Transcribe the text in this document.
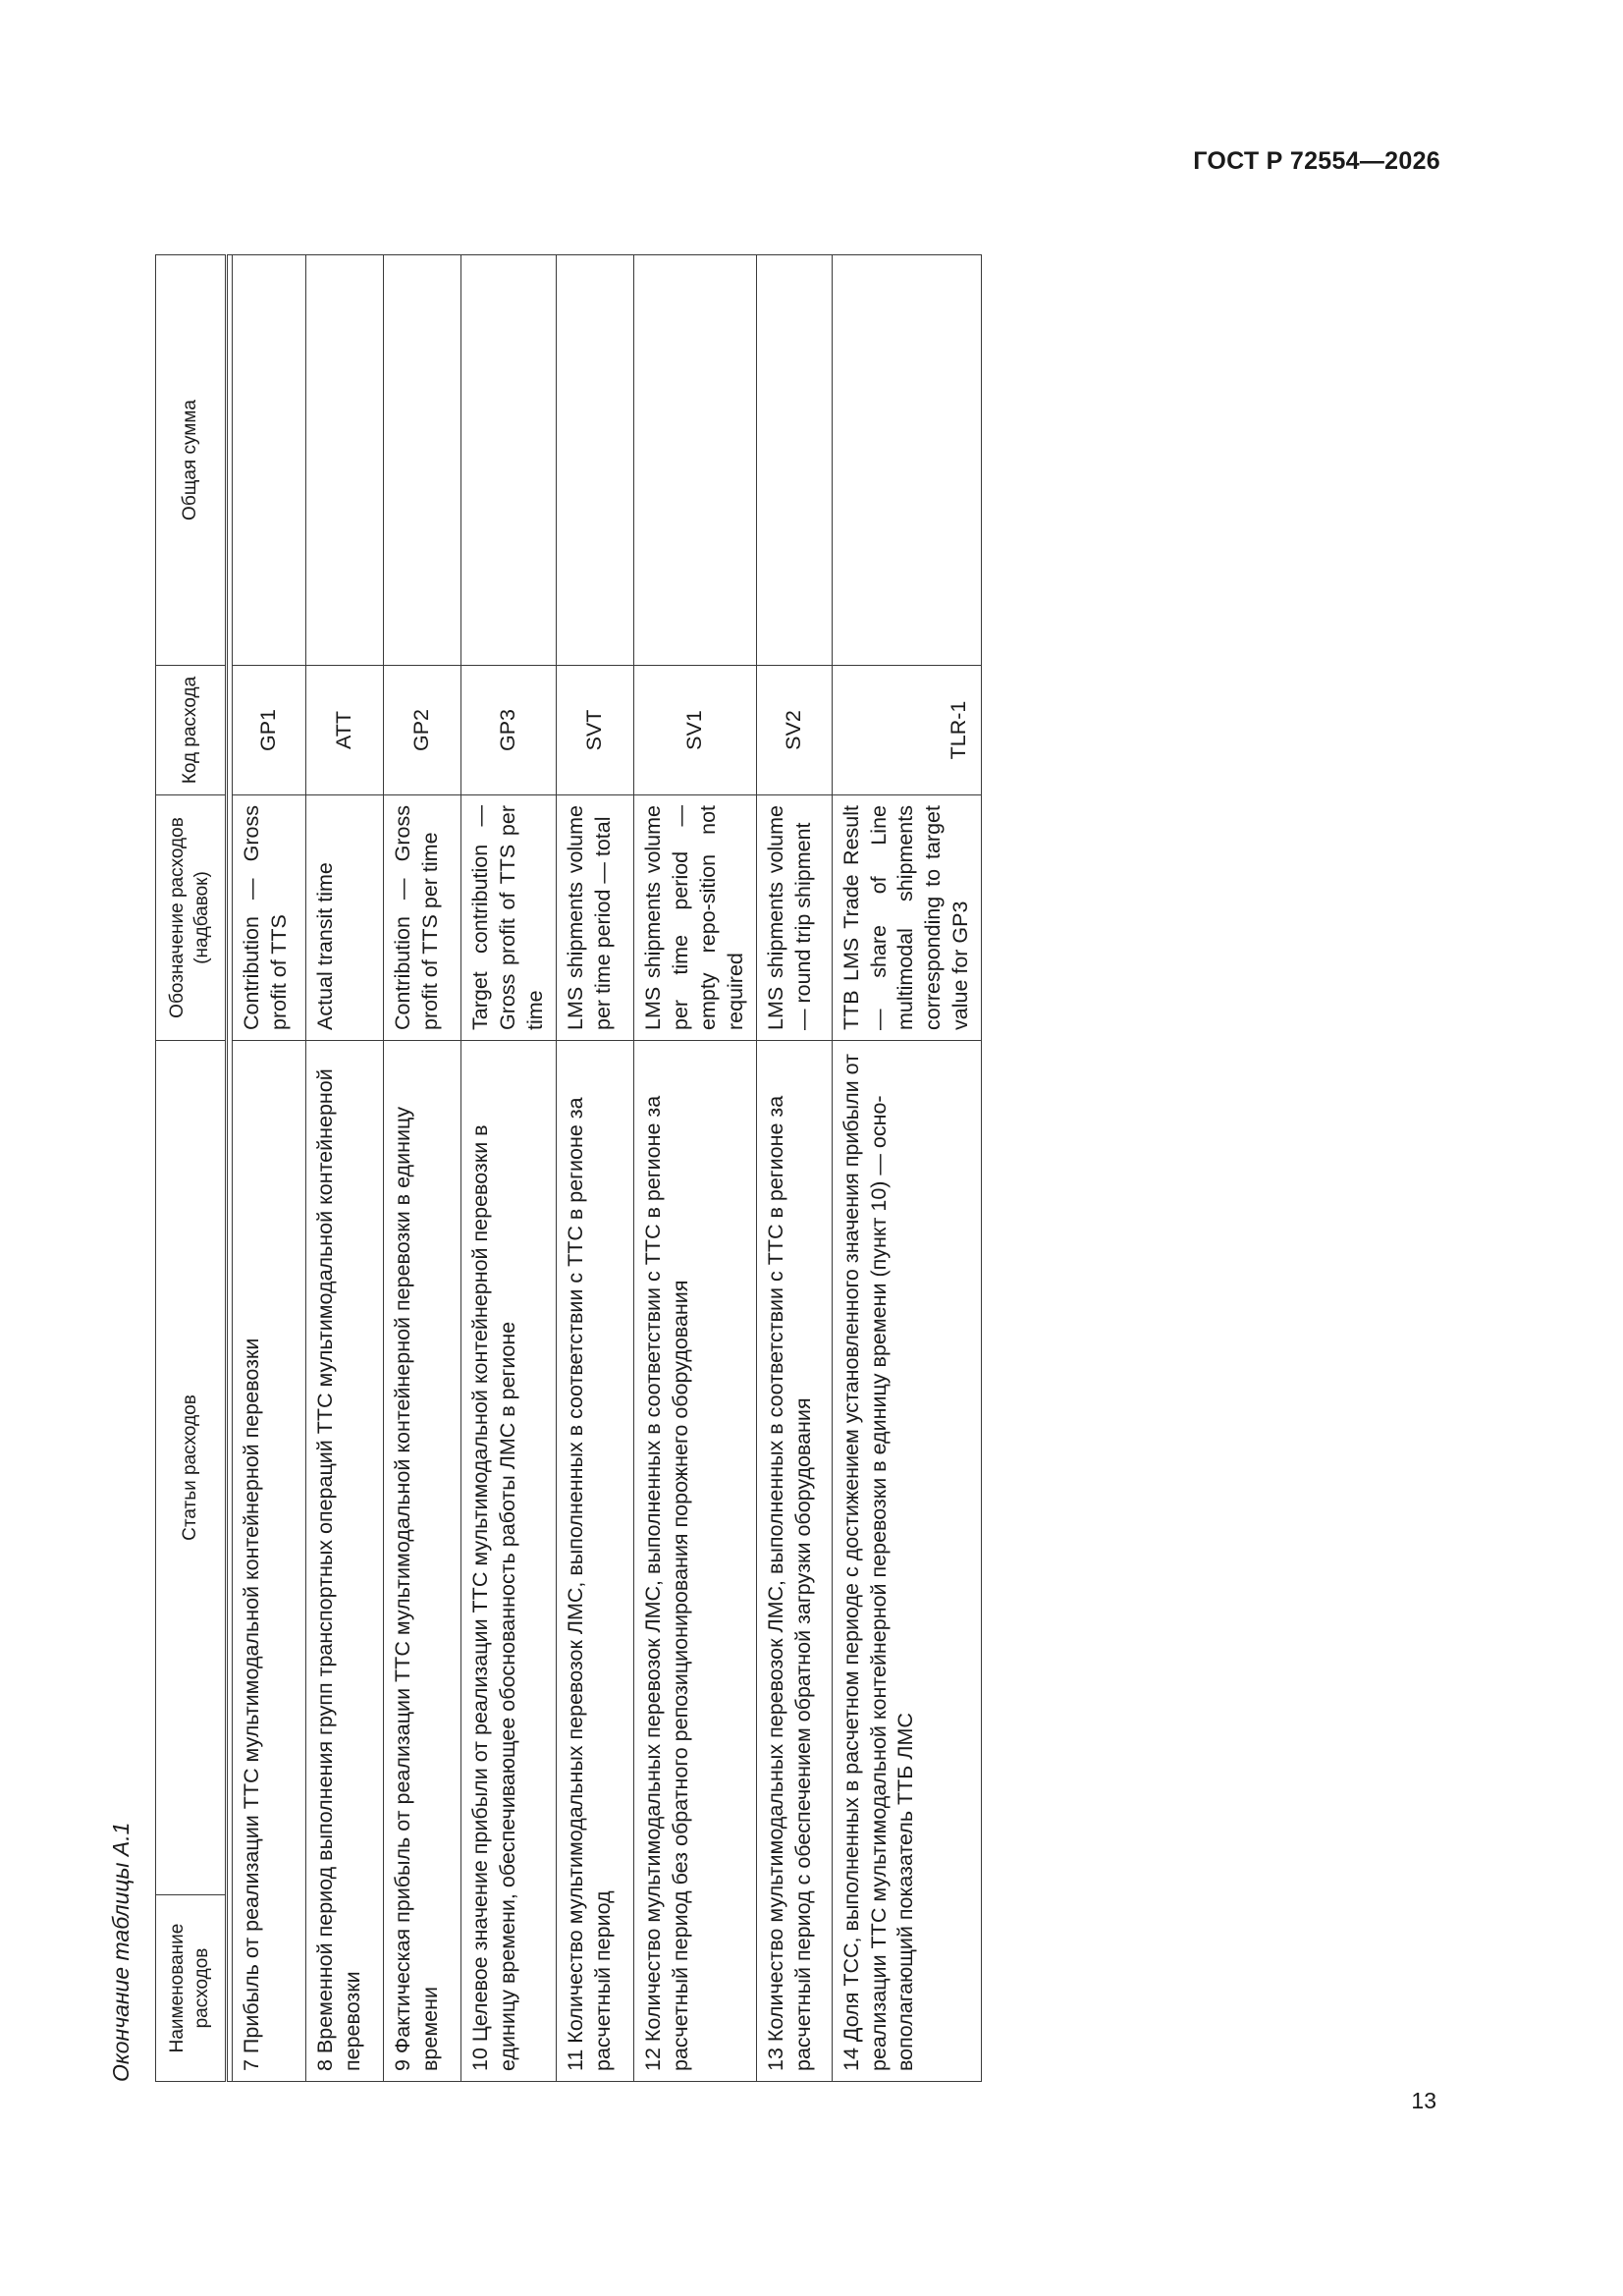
ГОСТ Р 72554—2026
13
Окончание таблицы А.1 Наименование расходов	Статьи расходов	Обозначение расходов (надбавок)	Код расхода	Общая сумма

7 Прибыль от реализации ТТС мультимодальной контейнерной перевозки		Contribution — Gross profit of TTS	GP1	
8 Временной период выполнения групп транспортных операций ТТС мультимодальной контейнерной перевозки		Actual transit time	ATT	
9 Фактическая прибыль от реализации ТТС мультимодальной контейнерной перевозки в единицу времени		Contribution — Gross profit of TTS per time	GP2	
10 Целевое значение прибыли от реализации ТТС мультимодальной контейнерной перевозки в единицу времени, обеспечивающее обоснованность работы ЛМС в регионе		Target contribution — Gross profit of TTS per time	GP3	
11 Количество мультимодальных перевозок ЛМС, выполненных в соответствии с ТТС в регионе за расчетный период		LMS shipments volume per time period — total	SVT	
12 Количество мультимодальных перевозок ЛМС, выполненных в соответствии с ТТС в регионе за расчетный период без обратного репозиционирования порожнего оборудования		LMS shipments volume per time period — empty repo-sition not required	SV1	
13 Количество мультимодальных перевозок ЛМС, выполненных в соответствии с ТТС в регионе за расчетный период с обеспечением обратной загрузки оборудования		LMS shipments volume — round trip shipment	SV2	
14 Доля ТСС, выполненных в расчетном периоде с достижением установленного значения прибыли от реализации ТТС мультимодальной контейнерной перевозки в единицу времени (пункт 10) — осно-вополагающий показатель ТТБ ЛМС		TTB LMS Trade Result — share of Line multimodal shipments corresponding to target value for GP3	TLR-1	
